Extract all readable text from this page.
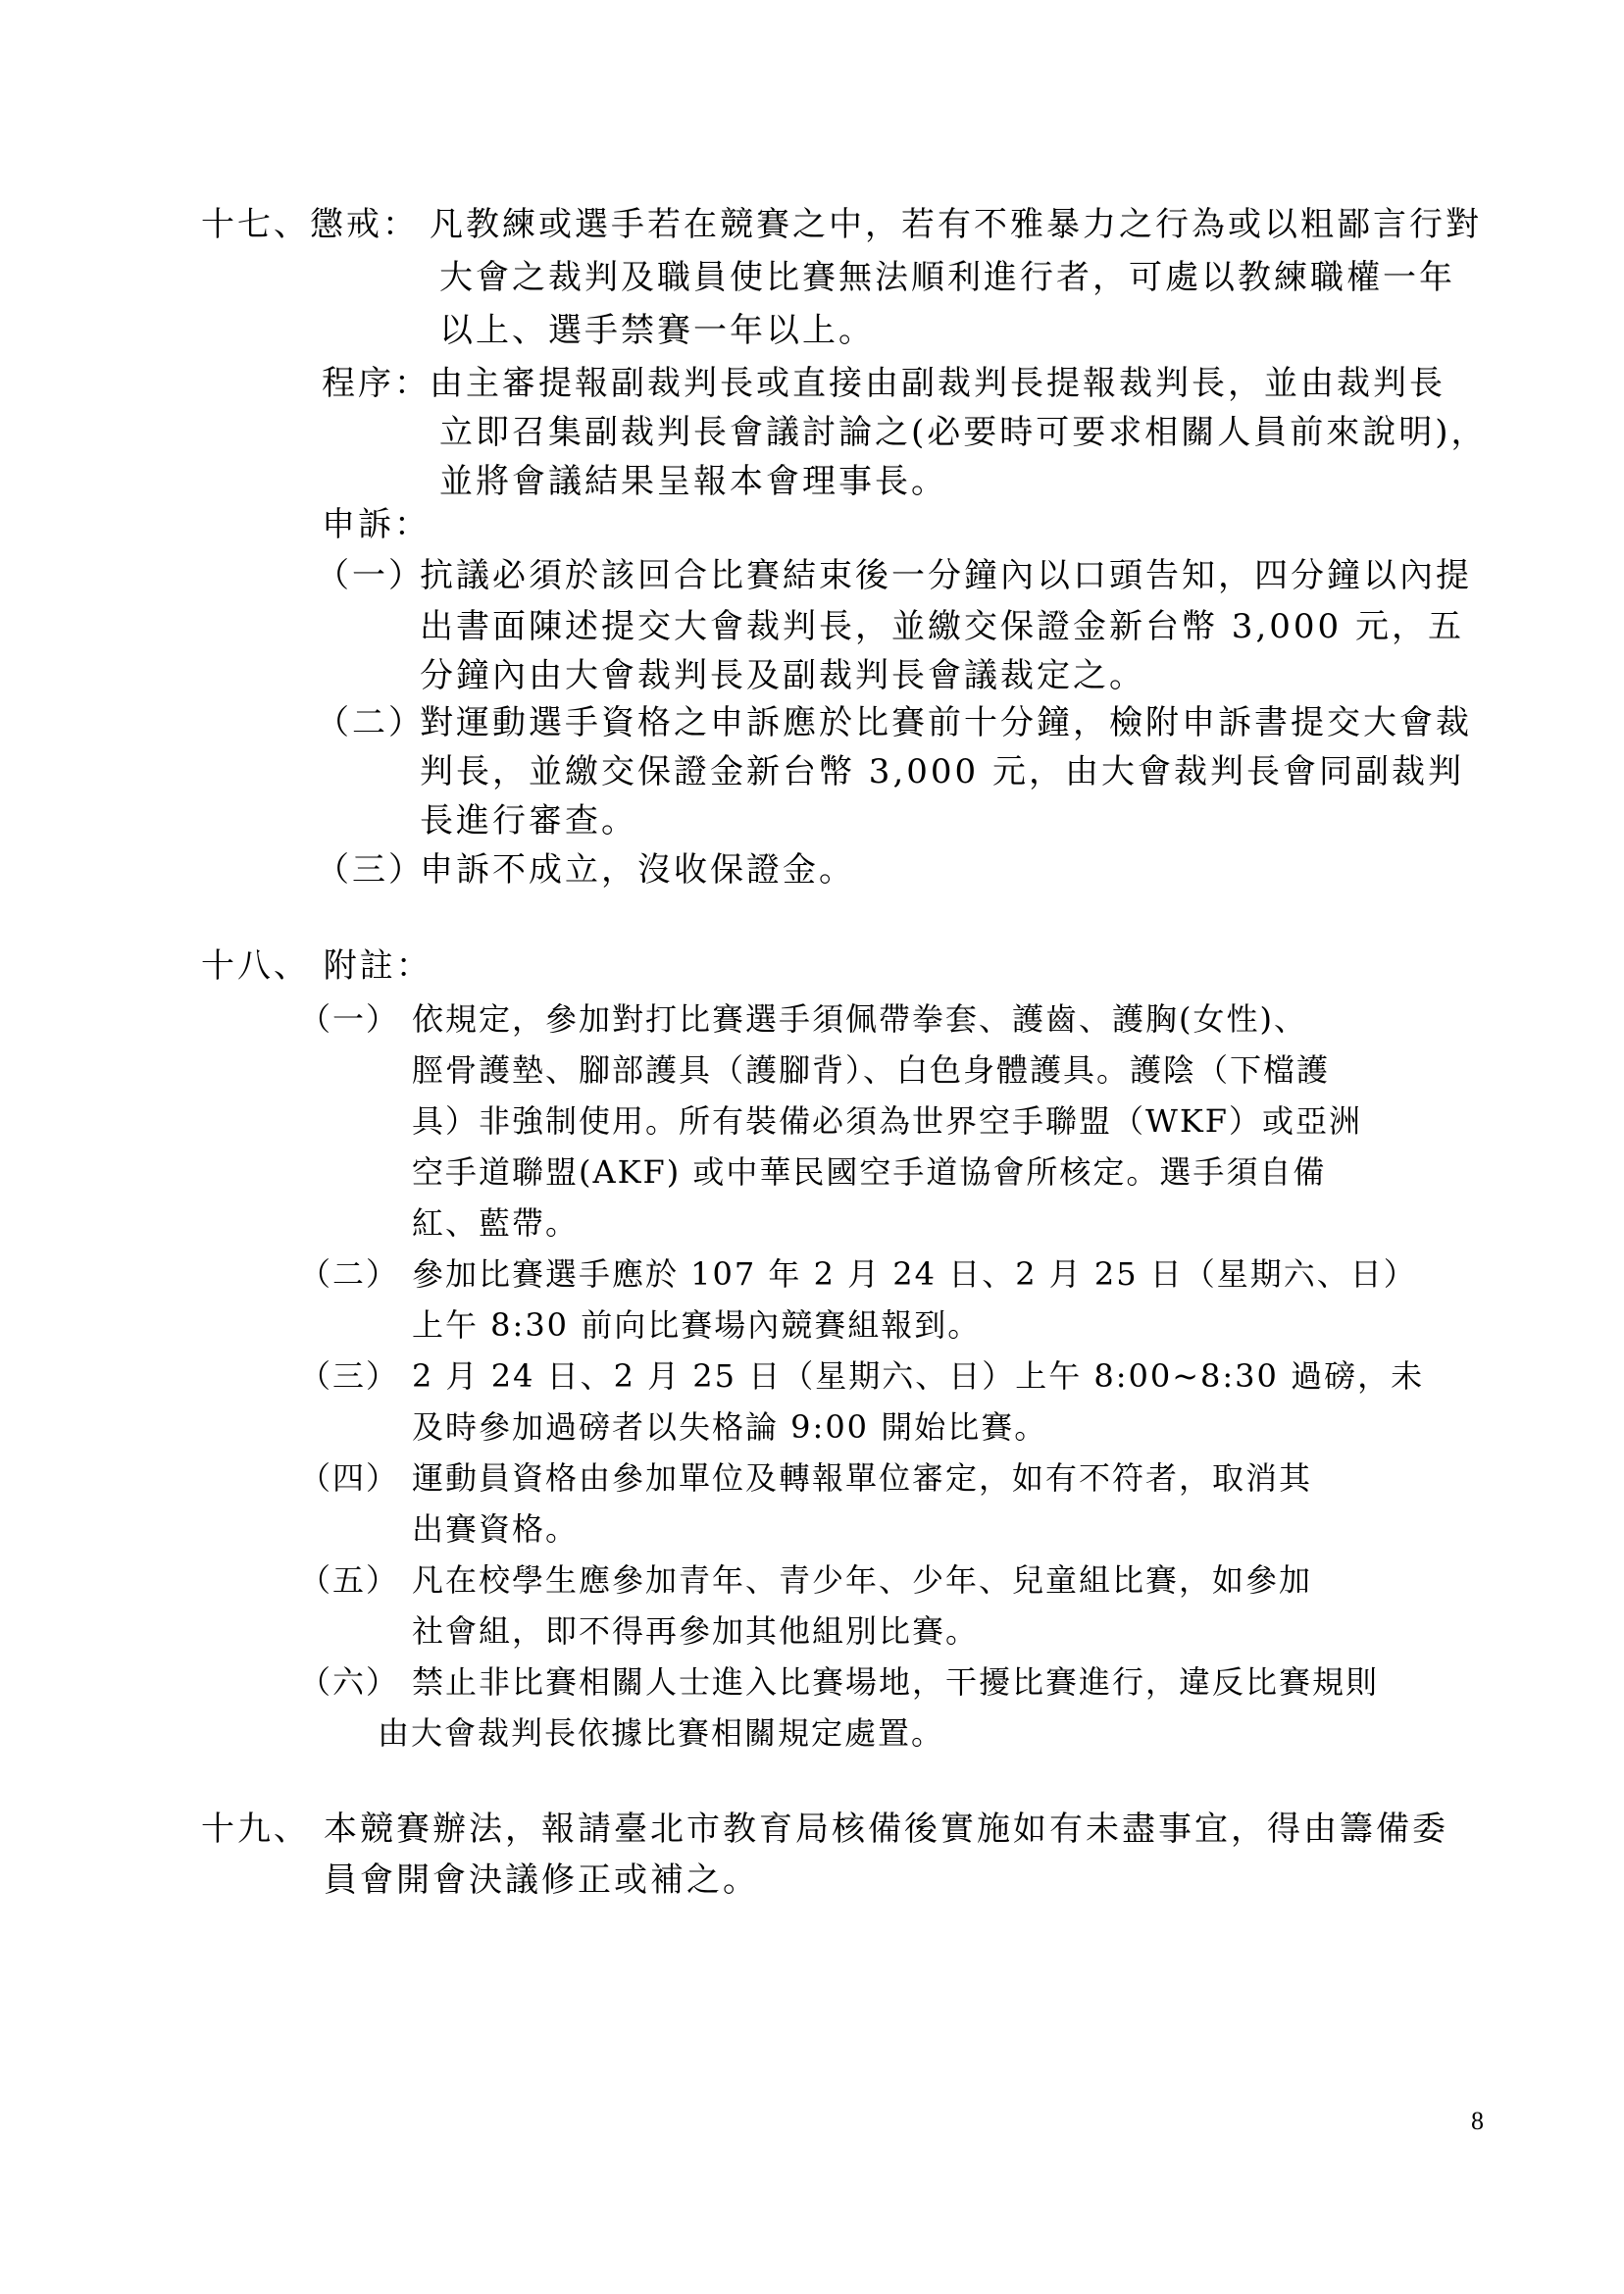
十七、懲戒： 凡教練或選手若在競賽之中，若有不雅暴力之行為或以粗鄙言行對
大會之裁判及職員使比賽無法順利進行者，可處以教練職權一年
以上、選手禁賽一年以上。
程序： 由主審提報副裁判長或直接由副裁判長提報裁判長，並由裁判長
立即召集副裁判長會議討論之(必要時可要求相關人員前來說明)，
並將會議結果呈報本會理事長。
申訴：
（一）
抗議必須於該回合比賽結束後一分鐘內以口頭告知，四分鐘以內提
出書面陳述提交大會裁判長，並繳交保證金新台幣 3,000 元，五
分鐘內由大會裁判長及副裁判長會議裁定之。
（二）
對運動選手資格之申訴應於比賽前十分鐘，檢附申訴書提交大會裁
判長，並繳交保證金新台幣 3,000 元，由大會裁判長會同副裁判
長進行審查。
（三）
申訴不成立，沒收保證金。
十八、 附註：
（一） 依規定，參加對打比賽選手須佩帶拳套、護齒、護胸(女性)、
脛骨護墊、腳部護具（護腳背）、白色身體護具。護陰（下檔護
具）非強制使用。所有裝備必須為世界空手聯盟（WKF）或亞洲
空手道聯盟(AKF) 或中華民國空手道協會所核定。選手須自備
紅、藍帶。
（二） 參加比賽選手應於 107 年 2 月 24 日、2 月 25 日（星期六、日）
上午 8:30 前向比賽場內競賽組報到。
（三） 2 月 24 日、2 月 25 日（星期六、日）上午 8:00~8:30 過磅，未
及時參加過磅者以失格論 9:00 開始比賽。
（四） 運動員資格由參加單位及轉報單位審定，如有不符者，取消其
出賽資格。
（五） 凡在校學生應參加青年、青少年、少年、兒童組比賽，如參加
社會組，即不得再參加其他組別比賽。
（六） 禁止非比賽相關人士進入比賽場地，干擾比賽進行，違反比賽規則
由大會裁判長依據比賽相關規定處置。
十九、 本競賽辦法，報請臺北市教育局核備後實施如有未盡事宜，得由籌備委
員會開會決議修正或補之。
8
